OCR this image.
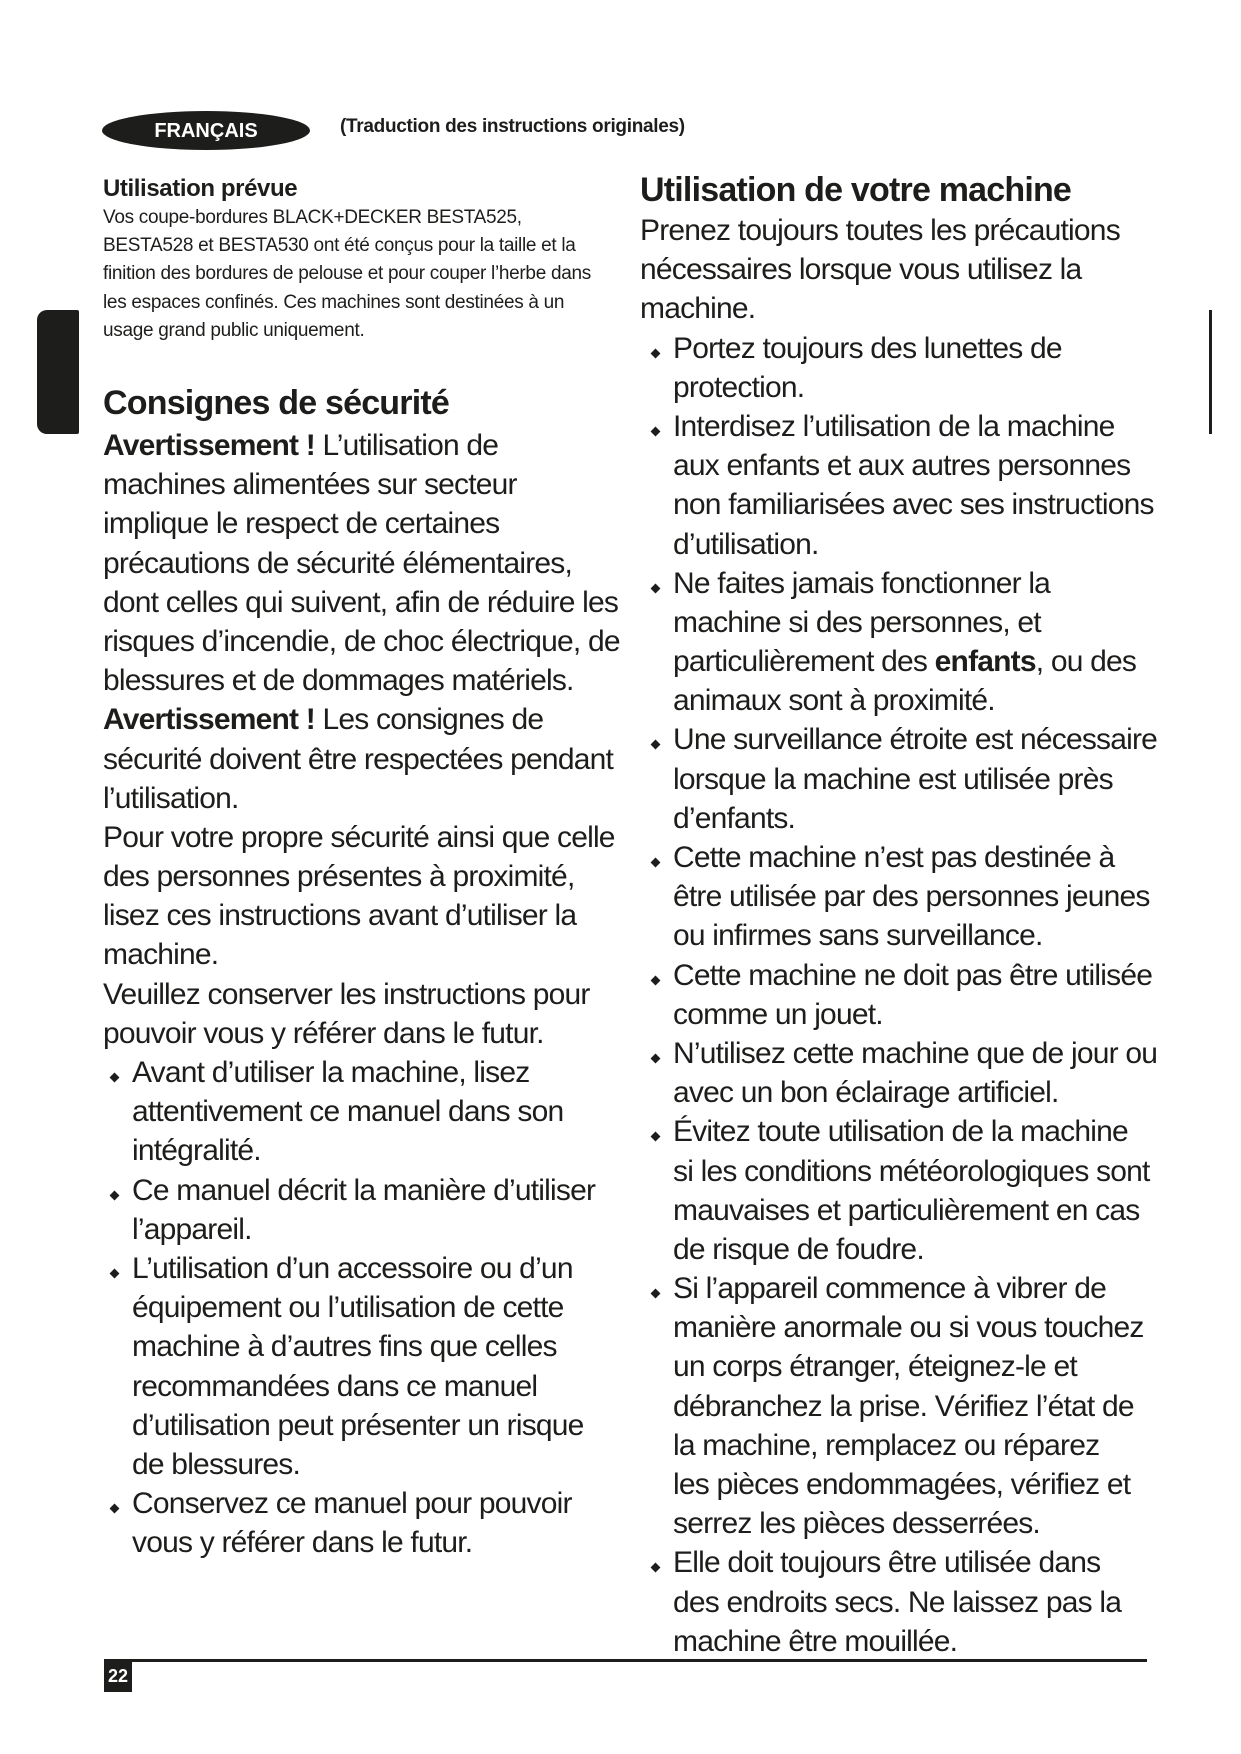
FRANÇAIS	(Traduction des instructions originales)
Utilisation prévue
Vos coupe-bordures BLACK+DECKER BESTA525,
BESTA528 et BESTA530 ont été conçus pour la taille et la
finition des bordures de pelouse et pour couper l’herbe dans
les espaces confinés. Ces machines sont destinées à un
usage grand public uniquement.
Consignes de sécurité
Avertissement ! L’utilisation de
machines alimentées sur secteur
implique le respect de certaines
précautions de sécurité élémentaires,
dont celles qui suivent, afin de réduire les
risques d’incendie, de choc électrique, de
blessures et de dommages matériels.
Avertissement ! Les consignes de
sécurité doivent être respectées pendant
l’utilisation.
Pour votre propre sécurité ainsi que celle
des personnes présentes à proximité,
lisez ces instructions avant d’utiliser la
machine.
Veuillez conserver les instructions pour
pouvoir vous y référer dans le futur.
Avant d’utiliser la machine, lisez
attentivement ce manuel dans son
intégralité.
Ce manuel décrit la manière d’utiliser
l’appareil.
L’utilisation d’un accessoire ou d’un
équipement ou l’utilisation de cette
machine à d’autres fins que celles
recommandées dans ce manuel
d’utilisation peut présenter un risque
de blessures.
Conservez ce manuel pour pouvoir
vous y référer dans le futur.
Utilisation de votre machine
Prenez toujours toutes les précautions
nécessaires lorsque vous utilisez la
machine.
Portez toujours des lunettes de
protection.
Interdisez l’utilisation de la machine
aux enfants et aux autres personnes
non familiarisées avec ses instructions
d’utilisation.
Ne faites jamais fonctionner la
machine si des personnes, et
particulièrement des enfants, ou des
animaux sont à proximité.
Une surveillance étroite est nécessaire
lorsque la machine est utilisée près
d’enfants.
Cette machine n’est pas destinée à
être utilisée par des personnes jeunes
ou infirmes sans surveillance.
Cette machine ne doit pas être utilisée
comme un jouet.
N’utilisez cette machine que de jour ou
avec un bon éclairage artificiel.
Évitez toute utilisation de la machine
si les conditions météorologiques sont
mauvaises et particulièrement en cas
de risque de foudre.
Si l’appareil commence à vibrer de
manière anormale ou si vous touchez
un corps étranger, éteignez-le et
débranchez la prise. Vérifiez l’état de
la machine, remplacez ou réparez
les pièces endommagées, vérifiez et
serrez les pièces desserrées.
Elle doit toujours être utilisée dans
des endroits secs. Ne laissez pas la
machine être mouillée.
22
